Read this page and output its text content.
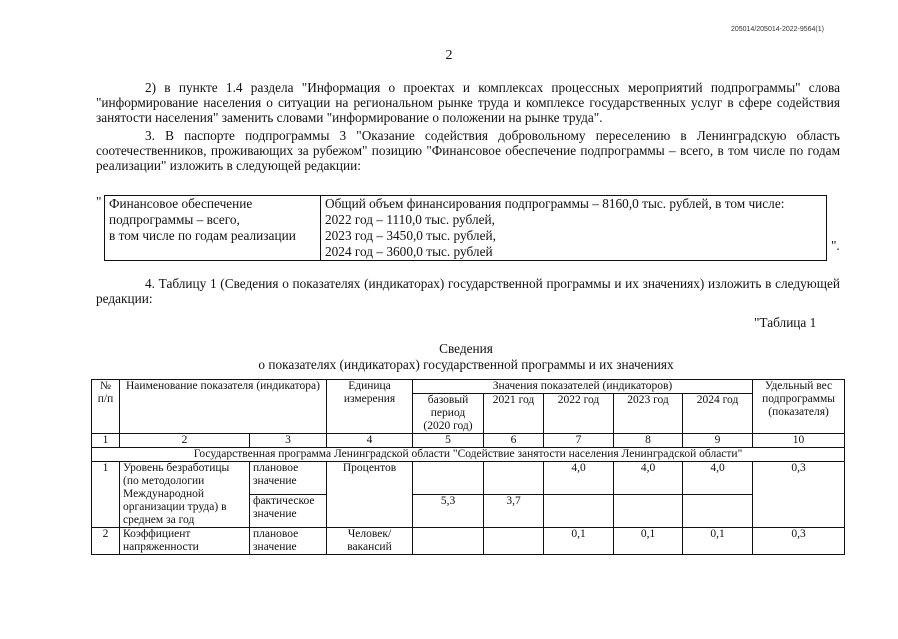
205014/205014-2022-9564(1)
2
2) в пункте 1.4 раздела "Информация о проектах и комплексах процессных мероприятий подпрограммы" слова "информирование населения о ситуации на региональном рынке труда и комплексе государственных услуг в сфере содействия занятости населения" заменить словами "информирование о положении на рынке труда".
3. В паспорте подпрограммы 3 "Оказание содействия добровольному переселению в Ленинградскую область соотечественников, проживающих за рубежом" позицию "Финансовое обеспечение подпрограммы – всего, в том числе по годам реализации" изложить в следующей редакции:
" Финансовое обеспечение
подпрограммы – всего,
в том числе по годам реализации

Общий объем финансирования подпрограммы – 8160,0 тыс. рублей, в том числе:
2022 год – 1110,0 тыс. рублей,
2023 год – 3450,0 тыс. рублей,
2024 год – 3600,0 тыс. рублей	".
4. Таблицу 1 (Сведения о показателях (индикаторах) государственной программы и их значениях) изложить в следующей редакции:
"Таблица 1
Сведения
о показателях (индикаторах) государственной программы и их значениях
№ п/п	Наименование показателя (индикатора)		Единица измерения	Значения показателей (индикаторов)					Удельный вес подпрограммы (показателя)
				базовый период (2020 год)	2021 год	2022 год	2023 год	2024 год	
1	2	3	4	5	6	7	8	9	10
Государственная программа Ленинградской области "Содействие занятости населения Ленинградской области"									
1	Уровень безработицы (по методологии Международной организации труда) в среднем за год	плановое значение	Процентов			4,0	4,0	4,0	0,3
		фактическое значение		5,3	3,7				
2	Коэффициент напряженности	плановое значение	Человек/ вакансий			0,1	0,1	0,1	0,3
